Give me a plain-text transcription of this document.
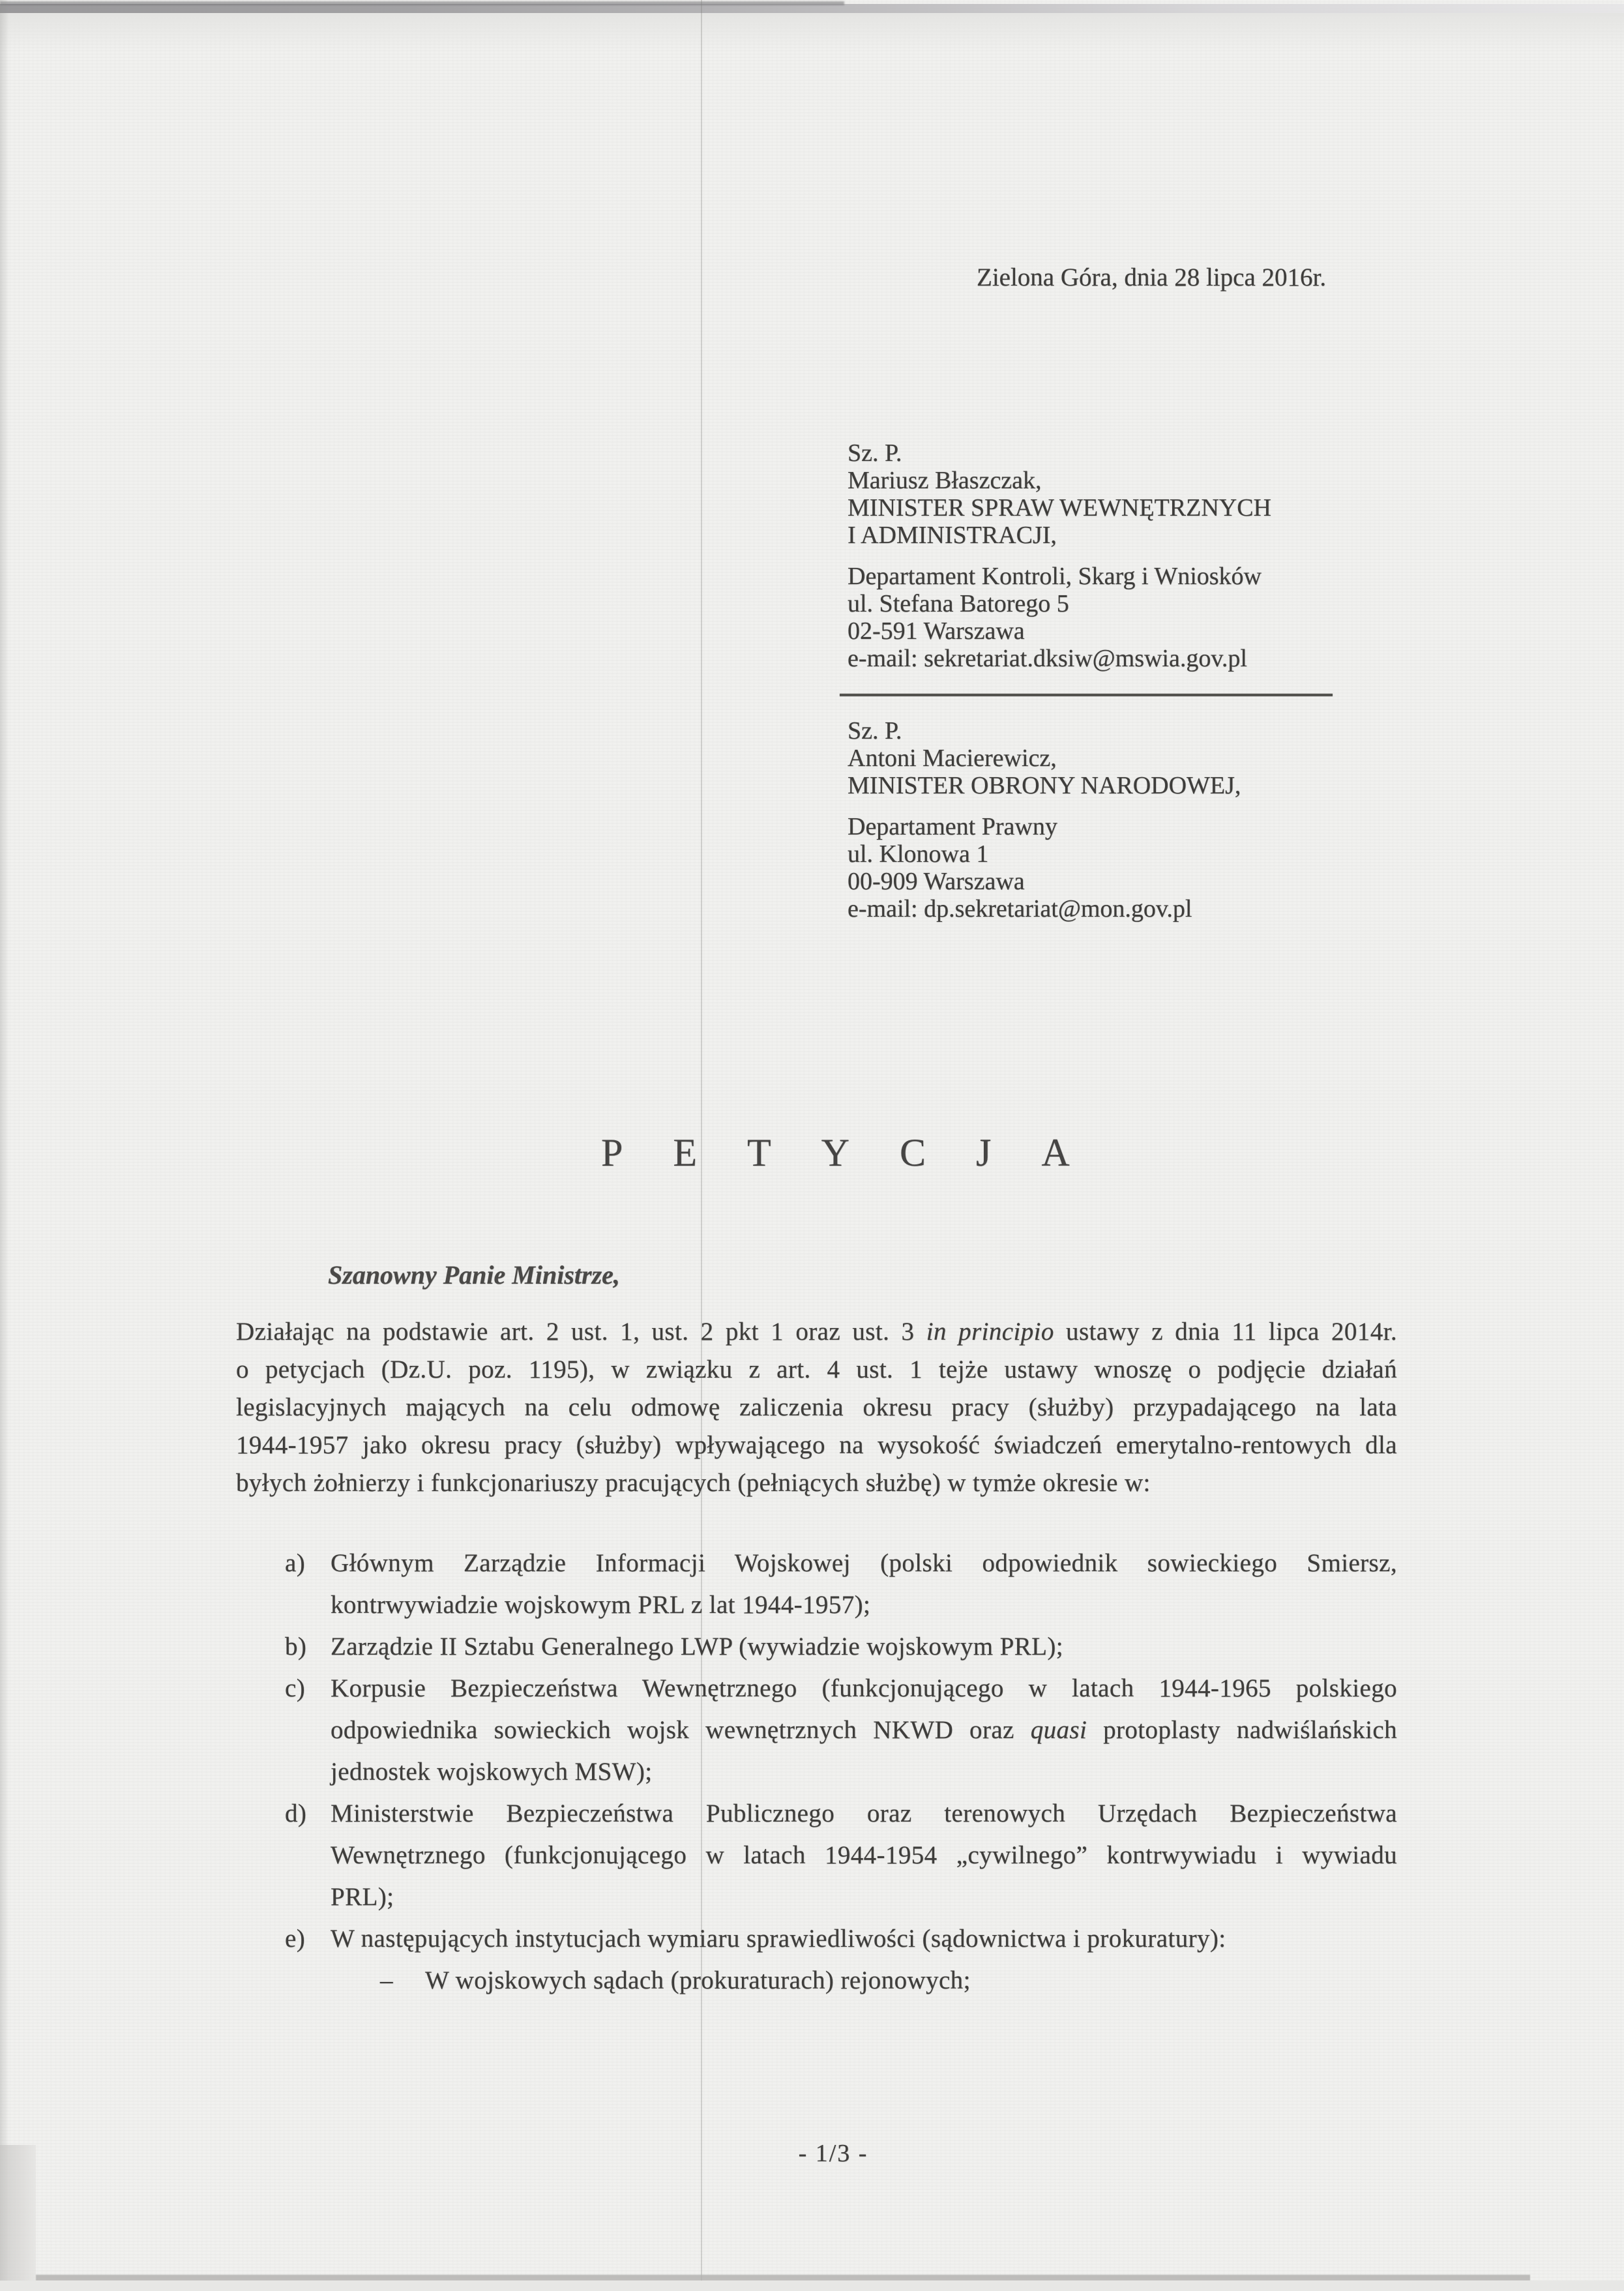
Zielona Góra, dnia 28 lipca 2016r.
Sz. P.
Mariusz Błaszczak,
MINISTER SPRAW WEWNĘTRZNYCH
I ADMINISTRACJI,
Departament Kontroli, Skarg i Wniosków
ul. Stefana Batorego 5
02-591 Warszawa
e-mail: sekretariat.dksiw@mswia.gov.pl
Sz. P.
Antoni Macierewicz,
MINISTER OBRONY NARODOWEJ,
Departament Prawny
ul. Klonowa 1
00-909 Warszawa
e-mail: dp.sekretariat@mon.gov.pl
PETYCJA
Szanowny Panie Ministrze,
Działając na podstawie art. 2 ust. 1, ust. 2 pkt 1 oraz ust. 3 in principio ustawy z dnia 11 lipca 2014r.
o petycjach (Dz.U. poz. 1195), w związku z art. 4 ust. 1 tejże ustawy wnoszę o podjęcie działań
legislacyjnych mających na celu odmowę zaliczenia okresu pracy (służby) przypadającego na lata
1944-1957 jako okresu pracy (służby) wpływającego na wysokość świadczeń emerytalno-rentowych dla
byłych żołnierzy i funkcjonariuszy pracujących (pełniących służbę) w tymże okresie w:
a) Głównym Zarządzie Informacji Wojskowej (polski odpowiednik sowieckiego Smiersz,
kontrwywiadzie wojskowym PRL z lat 1944-1957);
b) Zarządzie II Sztabu Generalnego LWP (wywiadzie wojskowym PRL);
c) Korpusie Bezpieczeństwa Wewnętrznego (funkcjonującego w latach 1944-1965 polskiego
odpowiednika sowieckich wojsk wewnętrznych NKWD oraz quasi protoplasty nadwiślańskich
jednostek wojskowych MSW);
d) Ministerstwie Bezpieczeństwa Publicznego oraz terenowych Urzędach Bezpieczeństwa
Wewnętrznego (funkcjonującego w latach 1944-1954 „cywilnego” kontrwywiadu i wywiadu
PRL);
e) W następujących instytucjach wymiaru sprawiedliwości (sądownictwa i prokuratury):
– W wojskowych sądach (prokuraturach) rejonowych;
- 1/3 -
